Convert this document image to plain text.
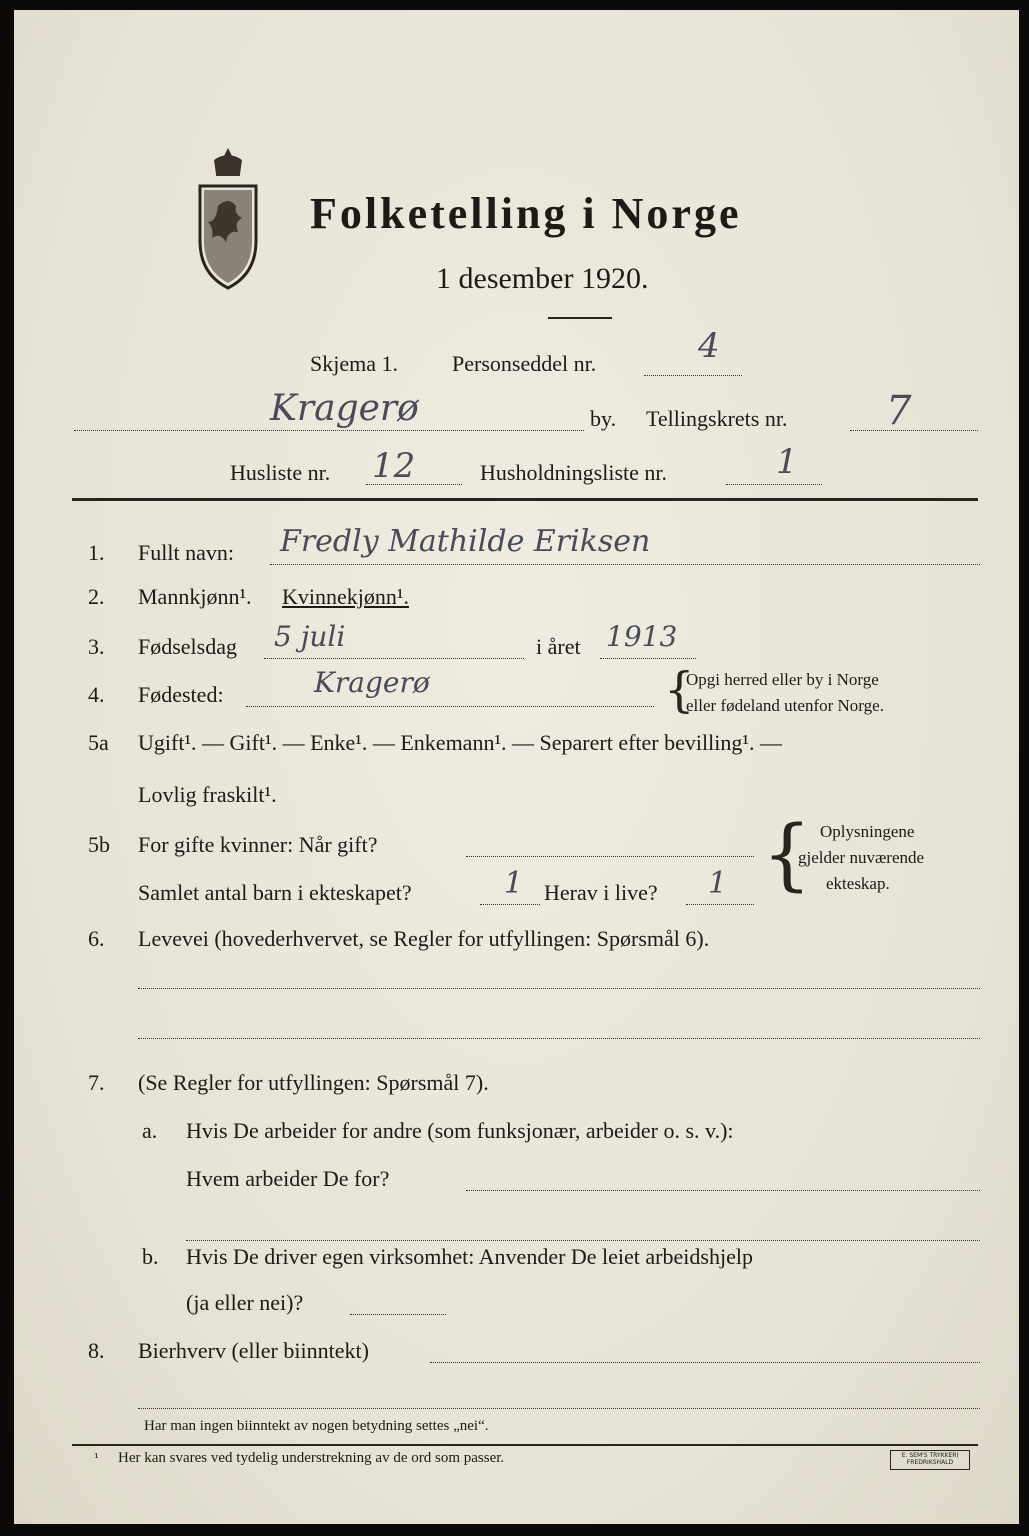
Folketelling i Norge
1 desember 1920.
Skjema 1. Personseddel nr.	4
Kragerø	by. Tellingskrets nr. 7
Husliste nr. 12	Husholdningsliste nr.	1
1. Fullt navn: Fredly Mathilde Eriksen
2. Mannkjønn¹. Kvinnekjønn¹.
3. Fødselsdag 5 juli	i året 1913
4. Fødested:	Kragerø	{
Opgi herred eller by i Norge
eller fødeland utenfor Norge.
5a Ugift¹. — Gift¹. — Enke¹. — Enkemann¹. — Separert efter bevilling¹. —
Lovlig fraskilt¹.
5b For gifte kvinner: Når gift?
Samlet antal barn i ekteskapet?	1 Herav i live? 1 { Oplysningene
gjelder nuværende
ekteskap.
6. Levevei (hovederhvervet, se Regler for utfyllingen: Spørsmål 6).
7. (Se Regler for utfyllingen: Spørsmål 7).
a. Hvis De arbeider for andre (som funksjonær, arbeider o. s. v.):
Hvem arbeider De for?
b. Hvis De driver egen virksomhet: Anvender De leiet arbeidshjelp
(ja eller nei)?
8. Bierhverv (eller biinntekt)
Har man ingen biinntekt av nogen betydning settes „nei“.
¹ Her kan svares ved tydelig understrekning av de ord som passer.	E. SEM'S TRYKKERI FREDRIKSHALD
